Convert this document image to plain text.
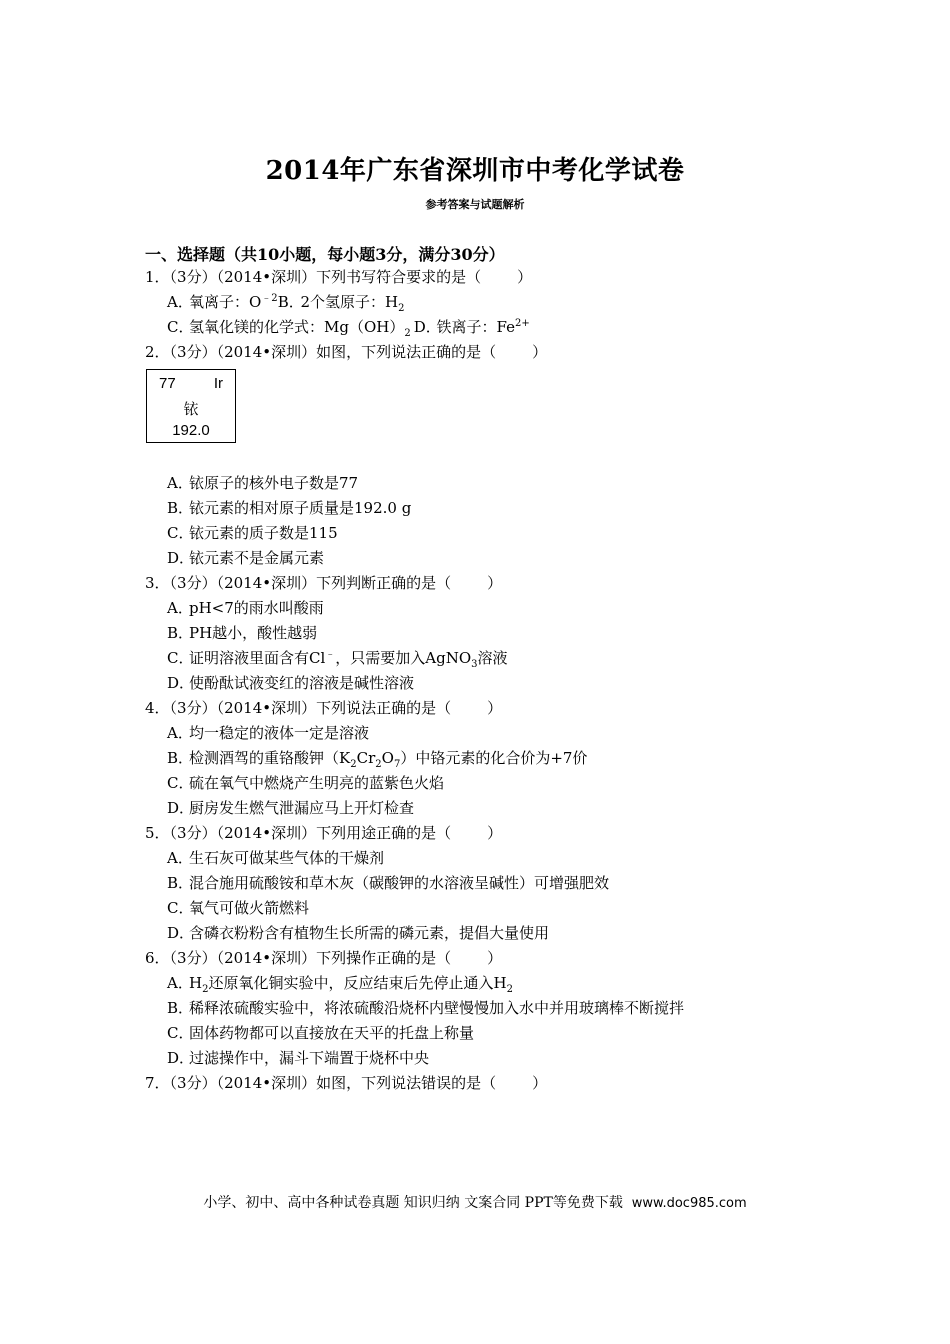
2014年广东省深圳市中考化学试卷
参考答案与试题解析
一、选择题（共10小题，每小题3分，满分30分）
1．（3分）（2014•深圳）下列书写符合要求的是（ ）
A．氧离子：$O^{﹣2}B$． 2个氢原子：$H_2$
C．氢氧化镁的化学式：$Mg(OH)_2$ D． 铁离子：$Fe^{2+}$
2．（3分）（2014•深圳）如图，下列说法正确的是（ ）
77	Ir
铱
192.0
A．铱原子的核外电子数是77
B．铱元素的相对原子质量是192.0 g
C．铱元素的质子数是115
D．铱元素不是金属元素
3．（3分）（2014•深圳）下列判断正确的是（ ）
A．pH<7的雨水叫酸雨
B．PH越小，酸性越弱
C．证明溶液里面含有Cl﹣，只需要加入AgNO$_3$溶液
D．使酚酞试液变红的溶液是碱性溶液
4．（3分）（2014•深圳）下列说法正确的是（ ）
A．均一稳定的液体一定是溶液
B．检测酒驾的重铬酸钾$(K_2Cr_2O_7)$中铬元素的化合价为+7价
C．硫在氧气中燃烧产生明亮的蓝紫色火焰
D．厨房发生燃气泄漏应马上开灯检查
5．（3分）（2014•深圳）下列用途正确的是（ ）
A．生石灰可做某些气体的干燥剂
B．混合施用硫酸铵和草木灰（碳酸钾的水溶液呈碱性）可增强肥效
C．氧气可做火箭燃料
D．含磷衣粉粉含有植物生长所需的磷元素，提倡大量使用
6．（3分）（2014•深圳）下列操作正确的是（ ）
A．$H_2$还原氧化铜实验中，反应结束后先停止通入$H_2$
B．稀释浓硫酸实验中，将浓硫酸沿烧杯内壁慢慢加入水中并用玻璃棒不断搅拌
C．固体药物都可以直接放在天平的托盘上称量
D．过滤操作中，漏斗下端置于烧杯中央
7．（3分）（2014•深圳）如图，下列说法错误的是（ ）
小学、初中、高中各种试卷真题 知识归纳 文案合同 PPT等免费下载 www.doc985.com
